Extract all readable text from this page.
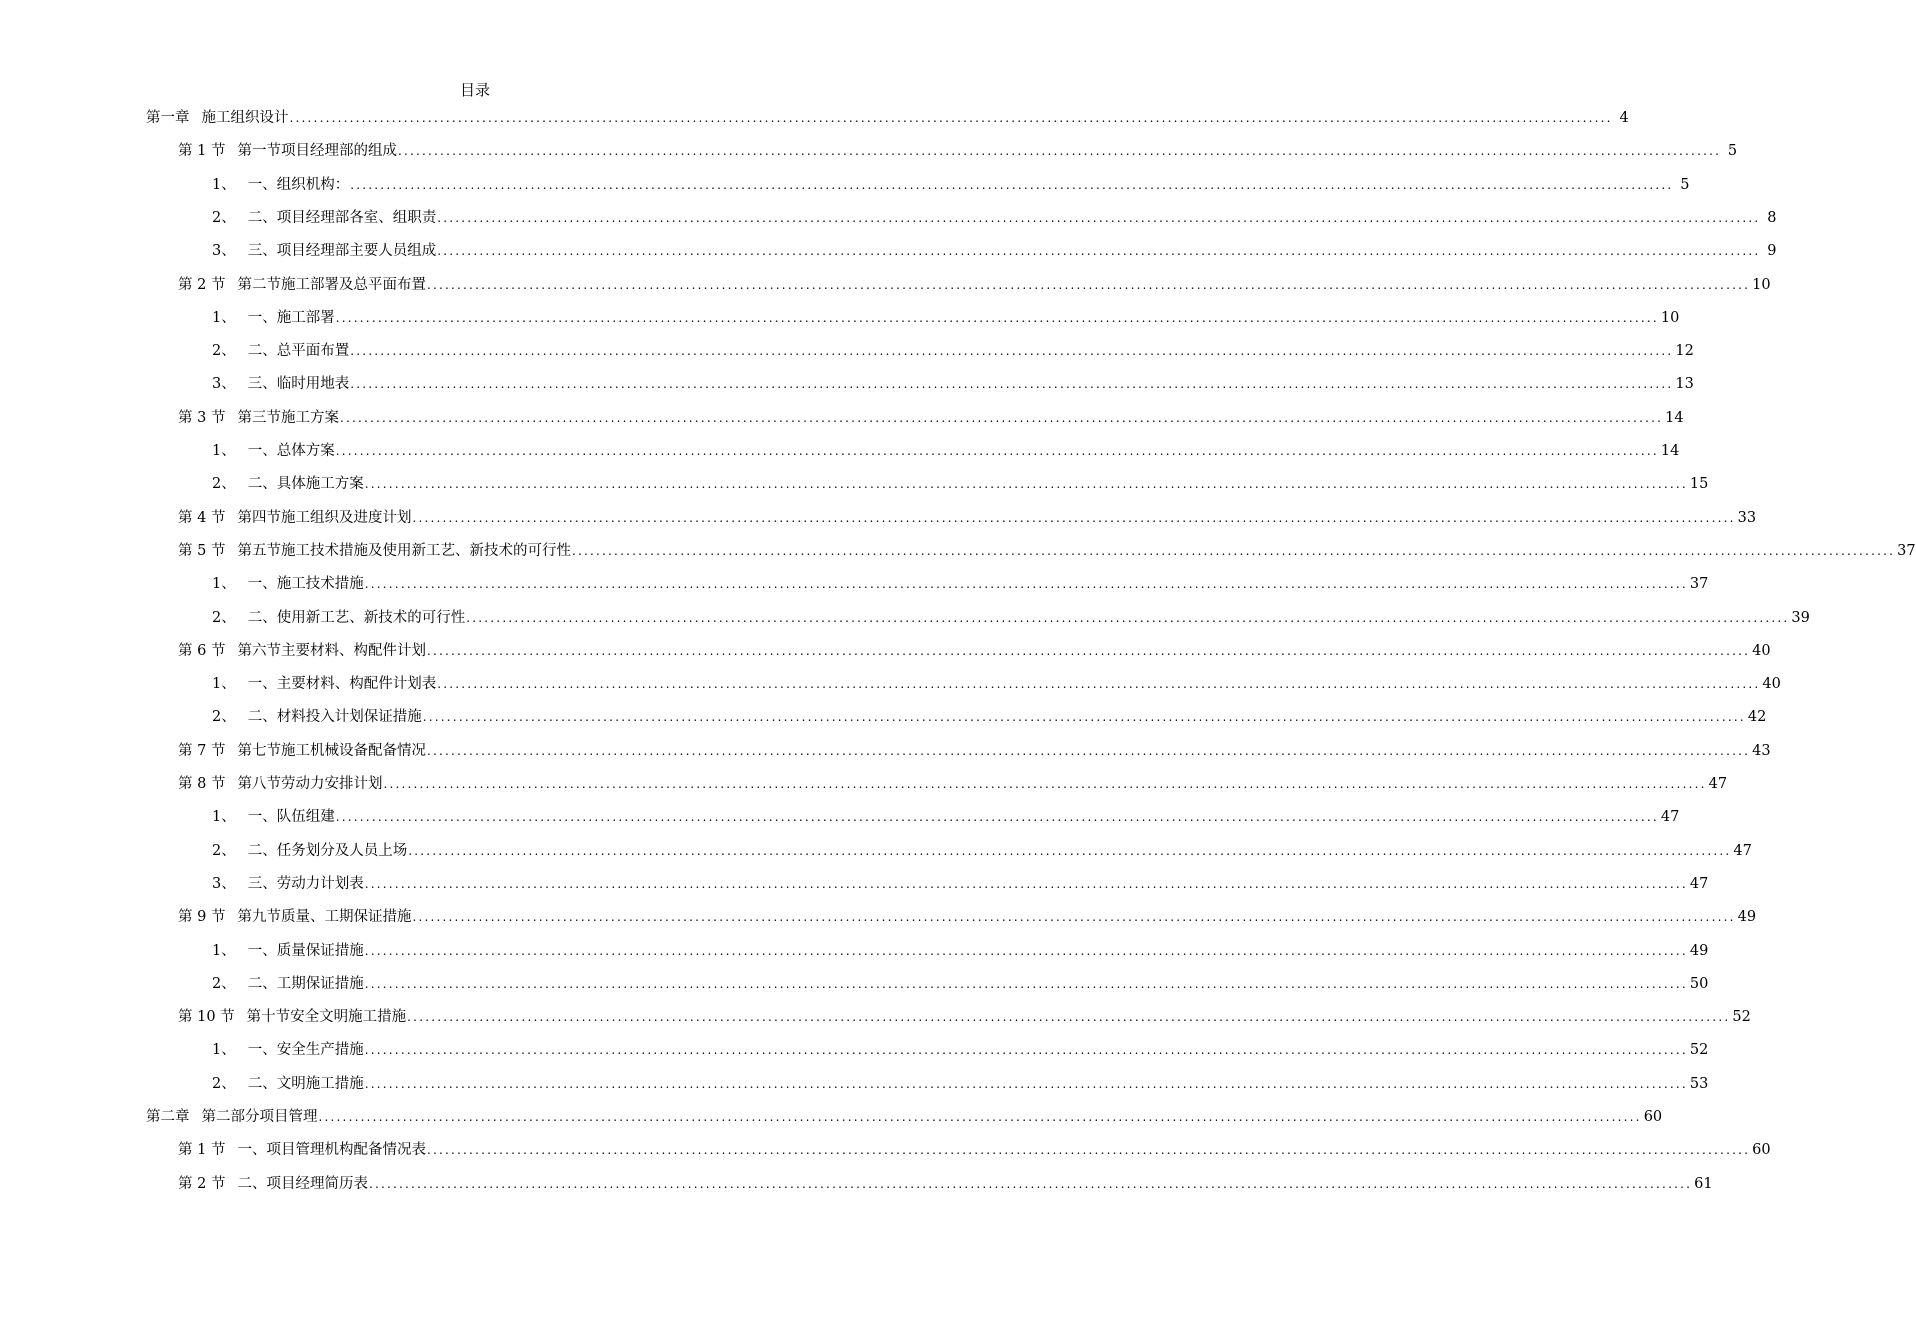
目录
第一章 施工组织设计 ............................................................................................................................................................................................................................ 4
第 1 节 第一节项目经理部的组成 ............................................................................................................................................................................................................................ 5
1、 一、组织机构： ............................................................................................................................................................................................................................ 5
2、 二、项目经理部各室、组职责 ............................................................................................................................................................................................................................ 8
3、 三、项目经理部主要人员组成 ............................................................................................................................................................................................................................ 9
第 2 节 第二节施工部署及总平面布置 ............................................................................................................................................................................................................................ 10
1、 一、施工部署 ............................................................................................................................................................................................................................ 10
2、 二、总平面布置 ............................................................................................................................................................................................................................ 12
3、 三、临时用地表 ............................................................................................................................................................................................................................ 13
第 3 节 第三节施工方案 ............................................................................................................................................................................................................................ 14
1、 一、总体方案 ............................................................................................................................................................................................................................ 14
2、 二、具体施工方案 ............................................................................................................................................................................................................................ 15
第 4 节 第四节施工组织及进度计划 ............................................................................................................................................................................................................................ 33
第 5 节 第五节施工技术措施及使用新工艺、新技术的可行性 ............................................................................................................................................................................................................................ 37
1、 一、施工技术措施 ............................................................................................................................................................................................................................ 37
2、 二、使用新工艺、新技术的可行性 ............................................................................................................................................................................................................................ 39
第 6 节 第六节主要材料、构配件计划 ............................................................................................................................................................................................................................ 40
1、 一、主要材料、构配件计划表 ............................................................................................................................................................................................................................ 40
2、 二、材料投入计划保证措施 ............................................................................................................................................................................................................................ 42
第 7 节 第七节施工机械设备配备情况 ............................................................................................................................................................................................................................ 43
第 8 节 第八节劳动力安排计划 ............................................................................................................................................................................................................................ 47
1、 一、队伍组建 ............................................................................................................................................................................................................................ 47
2、 二、任务划分及人员上场 ............................................................................................................................................................................................................................ 47
3、 三、劳动力计划表 ............................................................................................................................................................................................................................ 47
第 9 节 第九节质量、工期保证措施 ............................................................................................................................................................................................................................ 49
1、 一、质量保证措施 ............................................................................................................................................................................................................................ 49
2、 二、工期保证措施 ............................................................................................................................................................................................................................ 50
第 10 节 第十节安全文明施工措施 ............................................................................................................................................................................................................................ 52
1、 一、安全生产措施 ............................................................................................................................................................................................................................ 52
2、 二、文明施工措施 ............................................................................................................................................................................................................................ 53
第二章 第二部分项目管理 ............................................................................................................................................................................................................................ 60
第 1 节 一、项目管理机构配备情况表 ............................................................................................................................................................................................................................ 60
第 2 节 二、项目经理简历表 ............................................................................................................................................................................................................................ 61
